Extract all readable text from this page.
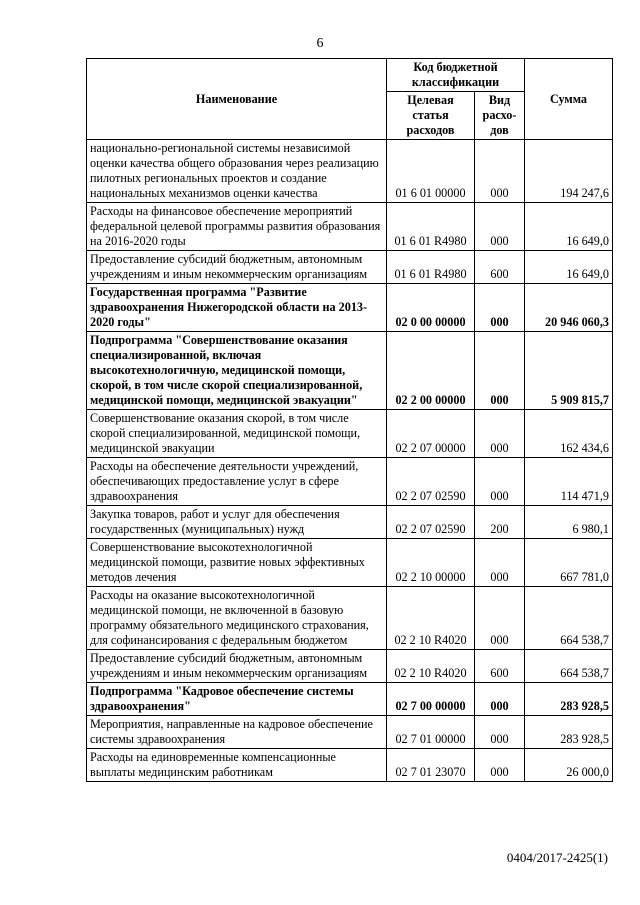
6
Наименование	Код бюджетной классификации		Сумма
	Целевая статья расходов	Вид расхо-дов	
национально-региональной системы независимой оценки качества общего образования через реализацию пилотных региональных проектов и создание национальных механизмов оценки качества	01 6 01 00000	000	194 247,6
Расходы на финансовое обеспечение мероприятий федеральной целевой программы развития образования на 2016-2020 годы	01 6 01 R4980	000	16 649,0
Предоставление субсидий бюджетным, автономным учреждениям и иным некоммерческим организациям	01 6 01 R4980	600	16 649,0
Государственная программа "Развитие здравоохранения Нижегородской области на 2013-2020 годы"	02 0 00 00000	000	20 946 060,3
Подпрограмма "Совершенствование оказания специализированной, включая высокотехнологичную, медицинской помощи, скорой, в том числе скорой специализированной, медицинской помощи, медицинской эвакуации"	02 2 00 00000	000	5 909 815,7
Совершенствование оказания скорой, в том числе скорой специализированной, медицинской помощи, медицинской эвакуации	02 2 07 00000	000	162 434,6
Расходы на обеспечение деятельности учреждений, обеспечивающих предоставление услуг в сфере здравоохранения	02 2 07 02590	000	114 471,9
Закупка товаров, работ и услуг для обеспечения государственных (муниципальных) нужд	02 2 07 02590	200	6 980,1
Совершенствование высокотехнологичной медицинской помощи, развитие новых эффективных методов лечения	02 2 10 00000	000	667 781,0
Расходы на оказание высокотехнологичной медицинской помощи, не включенной в базовую программу обязательного медицинского страхования, для софинансирования с федеральным бюджетом	02 2 10 R4020	000	664 538,7
Предоставление субсидий бюджетным, автономным учреждениям и иным некоммерческим организациям	02 2 10 R4020	600	664 538,7
Подпрограмма "Кадровое обеспечение системы здравоохранения"	02 7 00 00000	000	283 928,5
Мероприятия, направленные на кадровое обеспечение системы здравоохранения	02 7 01 00000	000	283 928,5
Расходы на единовременные компенсационные выплаты медицинским работникам	02 7 01 23070	000	26 000,0
0404/2017-2425(1)
